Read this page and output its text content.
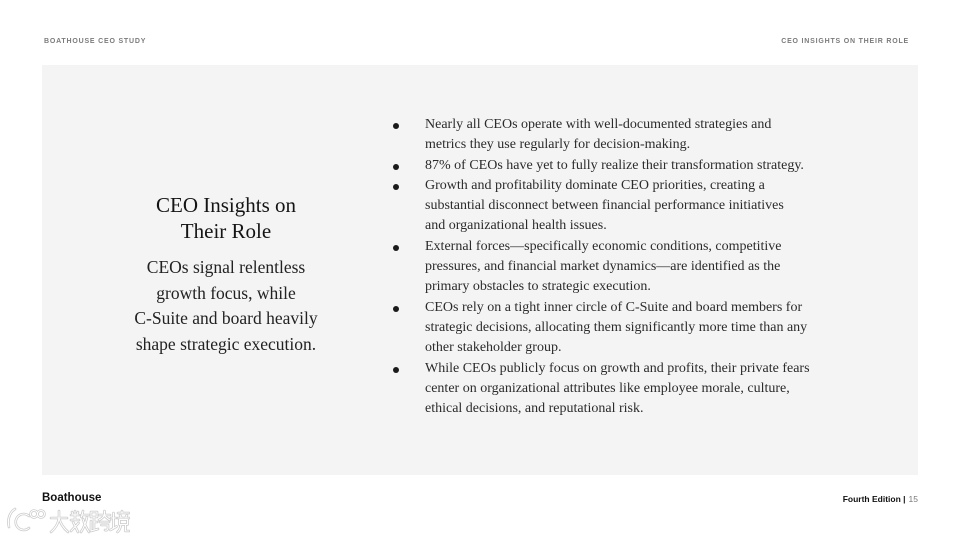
BOATHOUSE CEO STUDY	CEO INSIGHTS ON THEIR ROLE
CEO Insights on
Their Role

CEOs signal relentless
growth focus, while
C-Suite and board heavily
shape strategic execution.

Nearly all CEOs operate with well-documented strategies and
metrics they use regularly for decision-making.
87% of CEOs have yet to fully realize their transformation strategy.
Growth and profitability dominate CEO priorities, creating a
substantial disconnect between financial performance initiatives
and organizational health issues.
External forces—specifically economic conditions, competitive
pressures, and financial market dynamics—are identified as the
primary obstacles to strategic execution.
CEOs rely on a tight inner circle of C-Suite and board members for
strategic decisions, allocating them significantly more time than any
other stakeholder group.
While CEOs publicly focus on growth and profits, their private fears
center on organizational attributes like employee morale, culture,
ethical decisions, and reputational risk.
Boathouse	Fourth Edition | 15
